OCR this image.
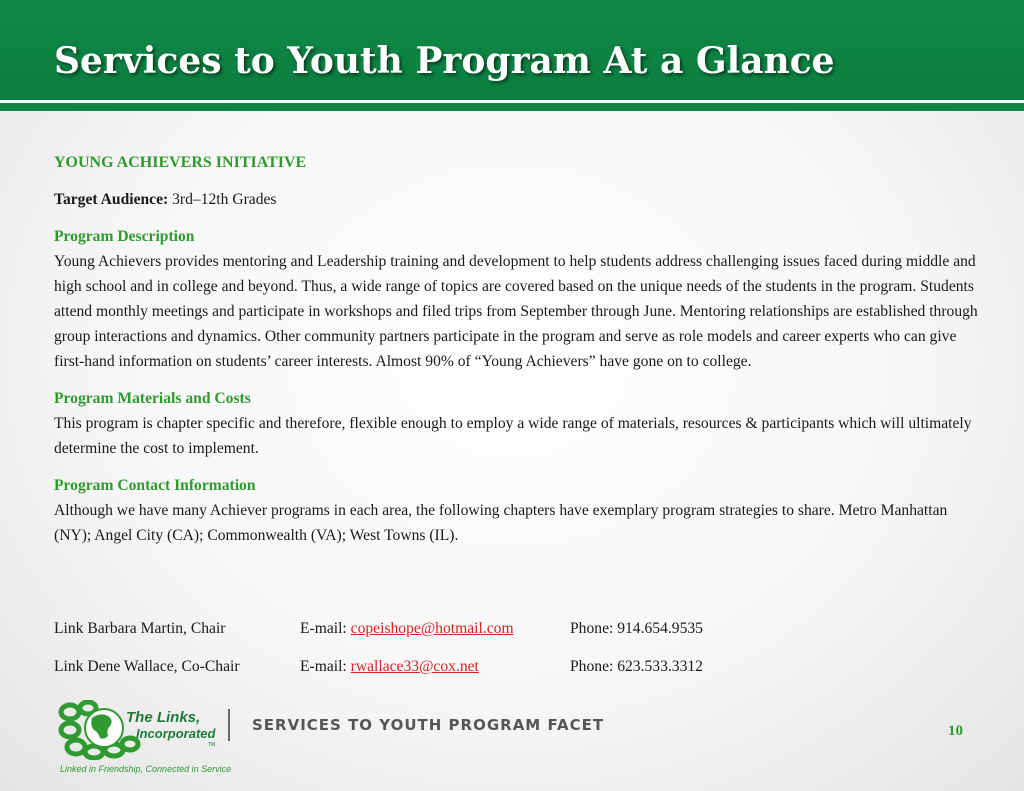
Services to Youth Program At a Glance
YOUNG ACHIEVERS INITIATIVE
Target Audience: 3rd–12th Grades
Program Description
Young Achievers provides mentoring and Leadership training and development to help students address challenging issues faced during middle and high school and in college and beyond. Thus, a wide range of topics are covered based on the unique needs of the students in the program. Students attend monthly meetings and participate in workshops and filed trips from September through June. Mentoring relationships are established through group interactions and dynamics. Other community partners participate in the program and serve as role models and career experts who can give first-hand information on students’ career interests. Almost 90% of “Young Achievers” have gone on to college.
Program Materials and Costs
This program is chapter specific and therefore, flexible enough to employ a wide range of materials, resources & participants which will ultimately determine the cost to implement.
Program Contact Information
Although we have many Achiever programs in each area, the following chapters have exemplary program strategies to share. Metro Manhattan (NY); Angel City (CA); Commonwealth (VA); West Towns (IL).
Link Barbara Martin, Chair	E-mail: copeishope@hotmail.com	Phone: 914.654.9535
Link Dene Wallace, Co-Chair	E-mail: rwallace33@cox.net	Phone: 623.533.3312
The Links,
Incorporated
TM
Linked in Friendship, Connected in Service
SERVICES TO YOUTH PROGRAM FACET	10
